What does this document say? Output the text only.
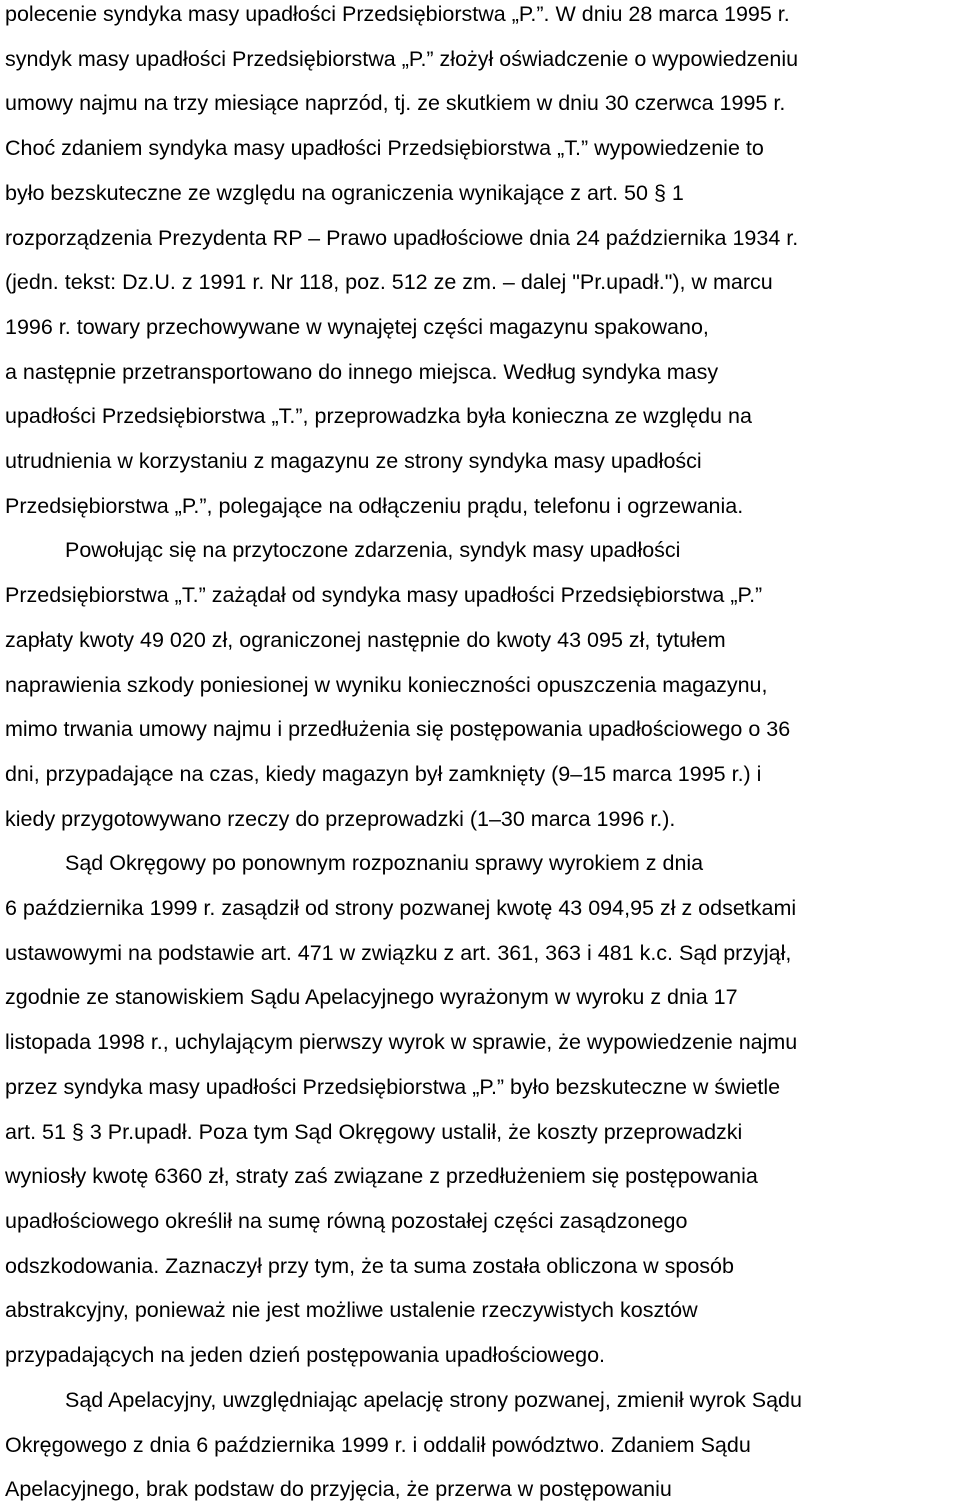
polecenie syndyka masy upadłości Przedsiębiorstwa „P.”. W dniu 28 marca 1995 r.
syndyk masy upadłości Przedsiębiorstwa „P.” złożył oświadczenie o wypowiedzeniu
umowy najmu na trzy miesiące naprzód, tj. ze skutkiem w dniu 30 czerwca 1995 r.
Choć zdaniem syndyka masy upadłości Przedsiębiorstwa „T.” wypowiedzenie to
było bezskuteczne ze względu na ograniczenia wynikające z art. 50 § 1
rozporządzenia Prezydenta RP – Prawo upadłościowe dnia 24 października 1934 r.
(jedn. tekst: Dz.U. z 1991 r. Nr 118, poz. 512 ze zm. – dalej "Pr.upadł."), w marcu
1996 r. towary przechowywane w wynajętej części magazynu spakowano,
a następnie przetransportowano do innego miejsca. Według syndyka masy
upadłości Przedsiębiorstwa „T.”, przeprowadzka była konieczna ze względu na
utrudnienia w korzystaniu z magazynu ze strony syndyka masy upadłości
Przedsiębiorstwa „P.”, polegające na odłączeniu prądu, telefonu i ogrzewania.
Powołując się na przytoczone zdarzenia, syndyk masy upadłości
Przedsiębiorstwa „T.” zażądał od syndyka masy upadłości Przedsiębiorstwa „P.”
zapłaty kwoty 49 020 zł, ograniczonej następnie do kwoty 43 095 zł, tytułem
naprawienia szkody poniesionej w wyniku konieczności opuszczenia magazynu,
mimo trwania umowy najmu i przedłużenia się postępowania upadłościowego o 36
dni, przypadające na czas, kiedy magazyn był zamknięty (9–15 marca 1995 r.) i
kiedy przygotowywano rzeczy do przeprowadzki (1–30 marca 1996 r.).
Sąd Okręgowy po ponownym rozpoznaniu sprawy wyrokiem z dnia
6 października 1999 r. zasądził od strony pozwanej kwotę 43 094,95 zł z odsetkami
ustawowymi na podstawie art. 471 w związku z art. 361, 363 i 481 k.c. Sąd przyjął,
zgodnie ze stanowiskiem Sądu Apelacyjnego wyrażonym w wyroku z dnia 17
listopada 1998 r., uchylającym pierwszy wyrok w sprawie, że wypowiedzenie najmu
przez syndyka masy upadłości Przedsiębiorstwa „P.” było bezskuteczne w świetle
art. 51 § 3 Pr.upadł. Poza tym Sąd Okręgowy ustalił, że koszty przeprowadzki
wyniosły kwotę 6360 zł, straty zaś związane z przedłużeniem się postępowania
upadłościowego określił na sumę równą pozostałej części zasądzonego
odszkodowania. Zaznaczył przy tym, że ta suma została obliczona w sposób
abstrakcyjny, ponieważ nie jest możliwe ustalenie rzeczywistych kosztów
przypadających na jeden dzień postępowania upadłościowego.
Sąd Apelacyjny, uwzględniając apelację strony pozwanej, zmienił wyrok Sądu
Okręgowego z dnia 6 października 1999 r. i oddalił powództwo. Zdaniem Sądu
Apelacyjnego, brak podstaw do przyjęcia, że przerwa w postępowaniu
